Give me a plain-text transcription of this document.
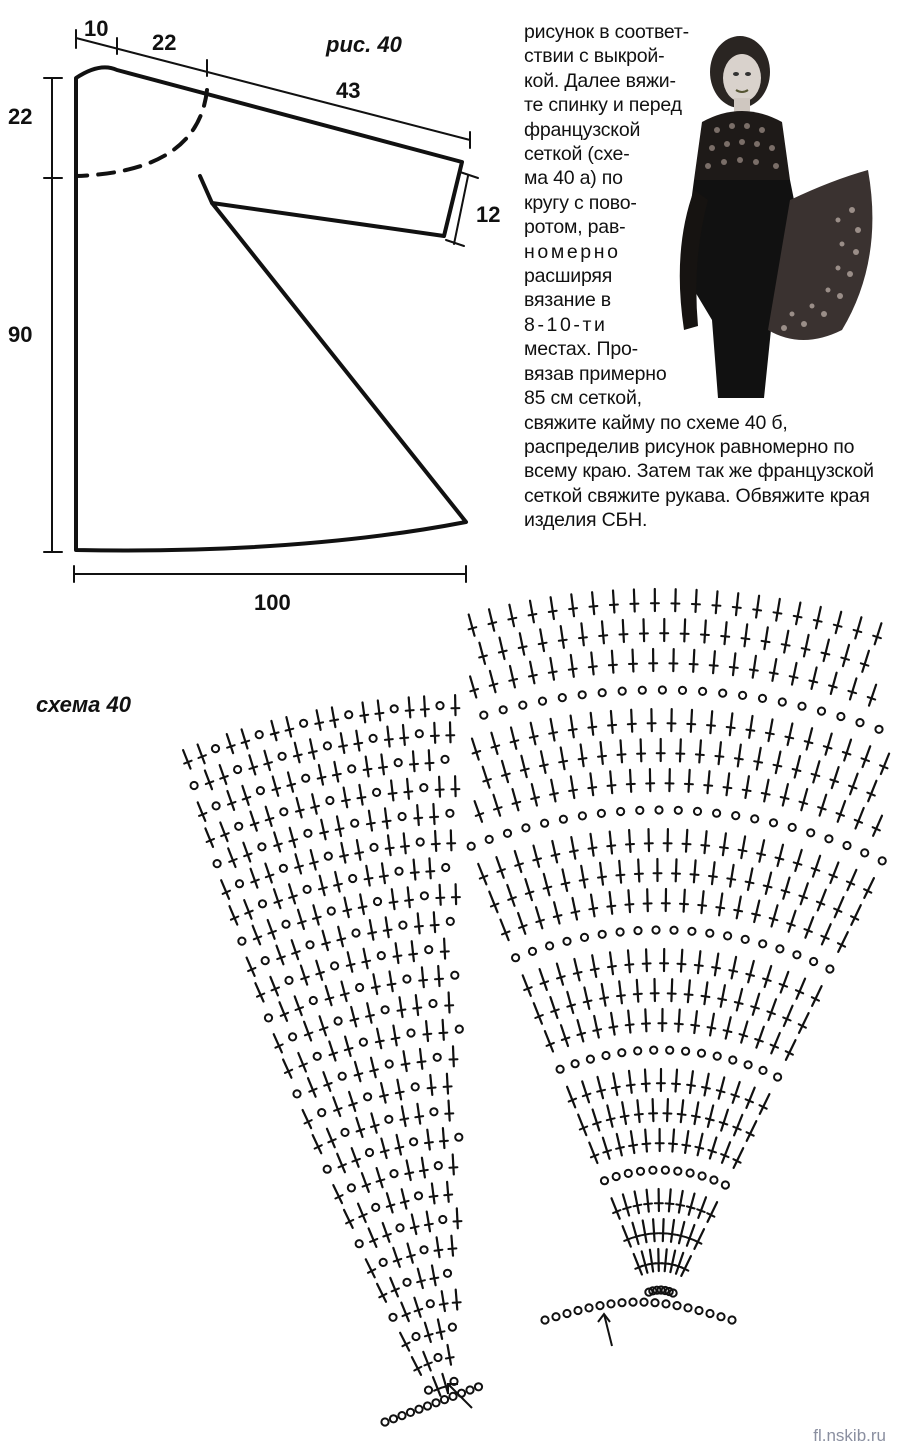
рис. 40
10
22
43
12
22
90
100
схема 40
рисунок в соответ-
ствии с выкрой-
кой. Далее вяжи-
те спинку и перед
французской
сеткой (схе-
ма 40 а) по
кругу с пово-
ротом, рав-
номерно
расширяя
вязание в
8-10-ти
местах. Про-
вязав примерно
85 см сеткой,
свяжите кайму по схеме 40 б,
распределив рисунок равномерно по
всему краю. Затем так же французской
сеткой свяжите рукава. Обвяжите края
изделия СБН.
fl.nskib.ru
